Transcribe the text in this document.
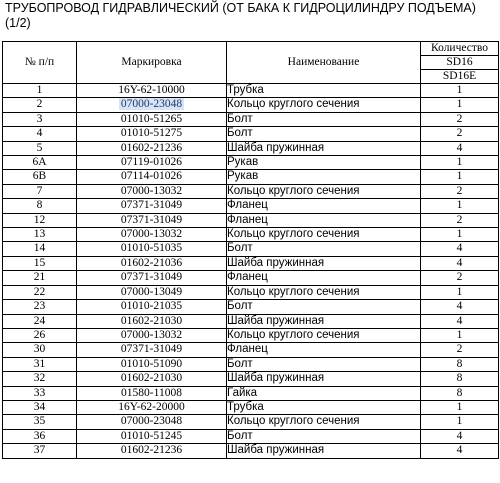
ТРУБОПРОВОД ГИДРАВЛИЧЕСКИЙ (ОТ БАКА К ГИДРОЦИЛИНДРУ ПОДЪЕМА)
(1/2)
№ п/п	Маркировка	Наименование	Количество
			SD16
			SD16E
1	16Y-62-10000	Трубка	1
2	07000-23048	Кольцо круглого сечения	1
3	01010-51265	Болт	2
4	01010-51275	Болт	2
5	01602-21236	Шайба пружинная	4
6A	07119-01026	Рукав	1
6B	07114-01026	Рукав	1
7	07000-13032	Кольцо круглого сечения	2
8	07371-31049	Фланец	1
12	07371-31049	Фланец	2
13	07000-13032	Кольцо круглого сечения	1
14	01010-51035	Болт	4
15	01602-21036	Шайба пружинная	4
21	07371-31049	Фланец	2
22	07000-13049	Кольцо круглого сечения	1
23	01010-21035	Болт	4
24	01602-21030	Шайба пружинная	4
26	07000-13032	Кольцо круглого сечения	1
30	07371-31049	Фланец	2
31	01010-51090	Болт	8
32	01602-21030	Шайба пружинная	8
33	01580-11008	Гайка	8
34	16Y-62-20000	Трубка	1
35	07000-23048	Кольцо круглого сечения	1
36	01010-51245	Болт	4
37	01602-21236	Шайба пружинная	4
